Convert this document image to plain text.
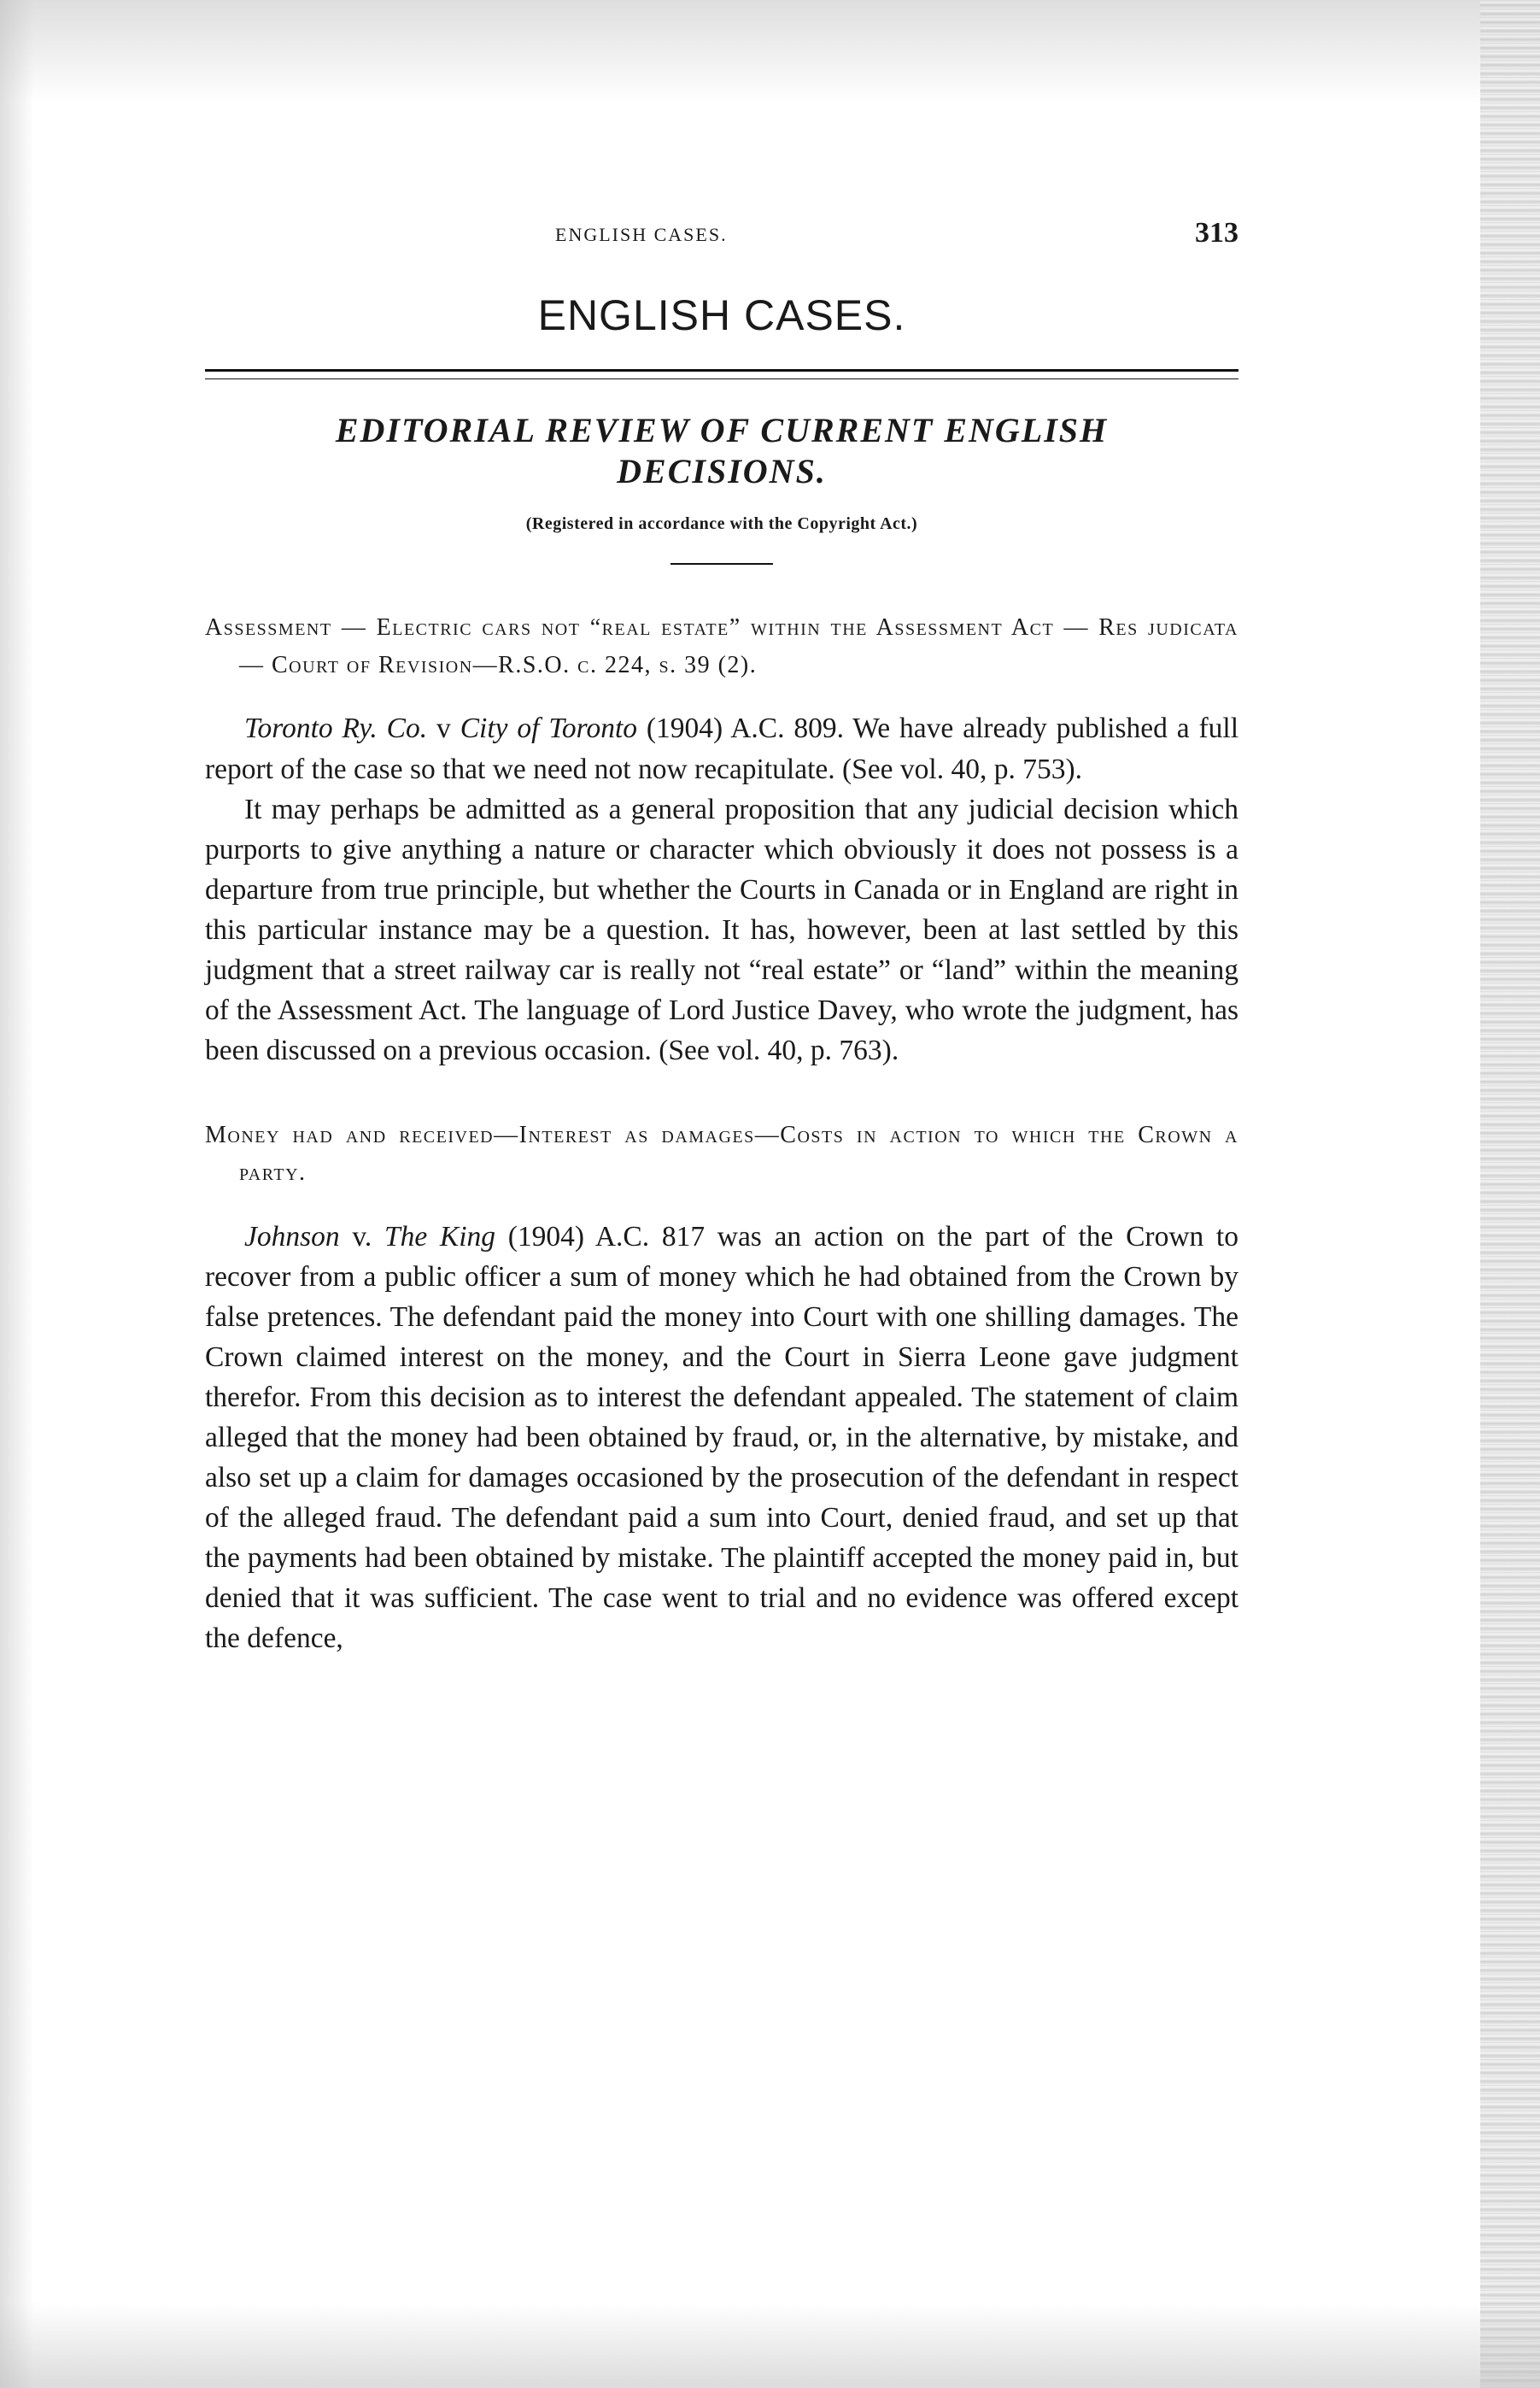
ENGLISH CASES.	313
ENGLISH CASES.
EDITORIAL REVIEW OF CURRENT ENGLISH
DECISIONS.
(Registered in accordance with the Copyright Act.)

Assessment — Electric cars not “real estate” within the Assessment Act — Res judicata — Court of Revision—R.S.O. c. 224, s. 39 (2).

Toronto Ry. Co. v City of Toronto (1904) A.C. 809. We have already published a full report of the case so that we need not now recapitulate. (See vol. 40, p. 753).

It may perhaps be admitted as a general proposition that any judicial decision which purports to give anything a nature or character which obviously it does not possess is a departure from true principle, but whether the Courts in Canada or in England are right in this particular instance may be a question. It has, however, been at last settled by this judgment that a street railway car is really not “real estate” or “land” within the meaning of the Assessment Act. The language of Lord Justice Davey, who wrote the judgment, has been discussed on a previous occasion. (See vol. 40, p. 763).

Money had and received—Interest as damages—Costs in action to which the Crown a party.

Johnson v. The King (1904) A.C. 817 was an action on the part of the Crown to recover from a public officer a sum of money which he had obtained from the Crown by false pretences. The defendant paid the money into Court with one shilling damages. The Crown claimed interest on the money, and the Court in Sierra Leone gave judgment therefor. From this decision as to interest the defendant appealed. The statement of claim alleged that the money had been obtained by fraud, or, in the alternative, by mistake, and also set up a claim for damages occasioned by the prosecution of the defendant in respect of the alleged fraud. The defendant paid a sum into Court, denied fraud, and set up that the payments had been obtained by mistake. The plaintiff accepted the money paid in, but denied that it was sufficient. The case went to trial and no evidence was offered except the defence,
